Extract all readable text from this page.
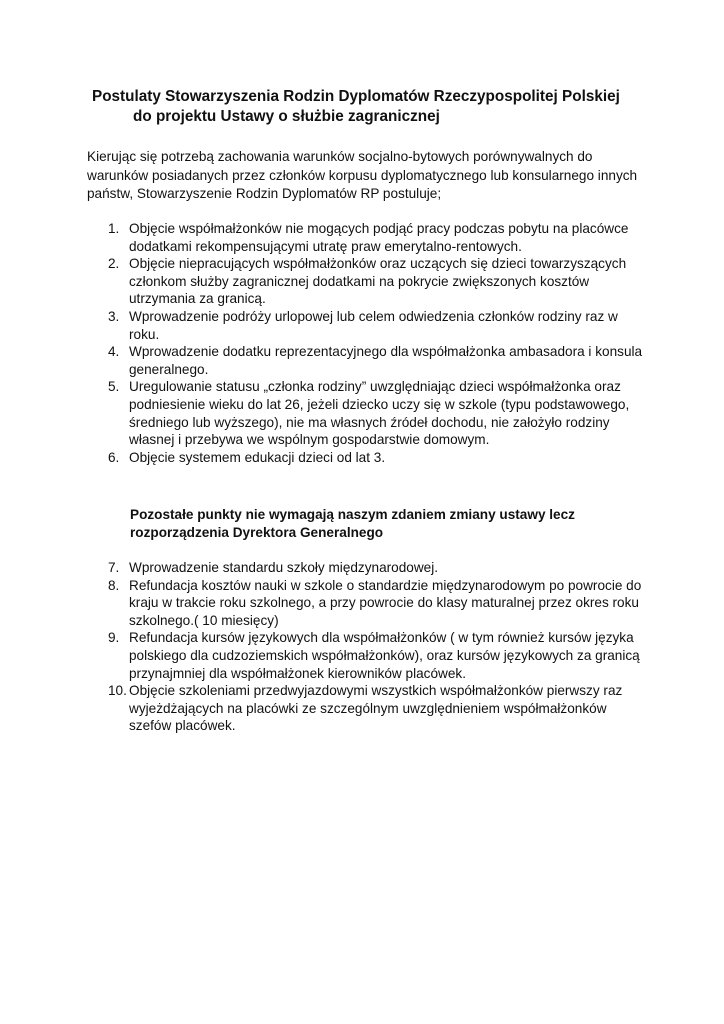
Postulaty Stowarzyszenia Rodzin Dyplomatów Rzeczypospolitej Polskiej
do projektu Ustawy o służbie zagranicznej
Kierując się potrzebą zachowania warunków socjalno-bytowych porównywalnych do
warunków posiadanych przez członków korpusu dyplomatycznego lub konsularnego innych
państw, Stowarzyszenie Rodzin Dyplomatów RP postuluje;
1. Objęcie współmałżonków nie mogących podjąć pracy podczas pobytu na placówce
dodatkami rekompensującymi utratę praw emerytalno-rentowych.
2. Objęcie niepracujących współmałżonków oraz uczących się dzieci towarzyszących
członkom służby zagranicznej dodatkami na pokrycie zwiększonych kosztów
utrzymania za granicą.
3. Wprowadzenie podróży urlopowej lub celem odwiedzenia członków rodziny raz w
roku.
4. Wprowadzenie dodatku reprezentacyjnego dla współmałżonka ambasadora i konsula
generalnego.
5. Uregulowanie statusu „członka rodziny” uwzględniając dzieci współmałżonka oraz
podniesienie wieku do lat 26, jeżeli dziecko uczy się w szkole (typu podstawowego,
średniego lub wyższego), nie ma własnych źródeł dochodu, nie założyło rodziny
własnej i przebywa we wspólnym gospodarstwie domowym.
6. Objęcie systemem edukacji dzieci od lat 3.
Pozostałe punkty nie wymagają naszym zdaniem zmiany ustawy lecz
rozporządzenia Dyrektora Generalnego
7. Wprowadzenie standardu szkoły międzynarodowej.
8. Refundacja kosztów nauki w szkole o standardzie międzynarodowym po powrocie do
kraju w trakcie roku szkolnego, a przy powrocie do klasy maturalnej przez okres roku
szkolnego.( 10 miesięcy)
9. Refundacja kursów językowych dla współmałżonków ( w tym również kursów języka
polskiego dla cudzoziemskich współmałżonków), oraz kursów językowych za granicą
przynajmniej dla współmałżonek kierowników placówek.
10. Objęcie szkoleniami przedwyjazdowymi wszystkich współmałżonków pierwszy raz
wyjeżdżających na placówki ze szczególnym uwzględnieniem współmałżonków
szefów placówek.
